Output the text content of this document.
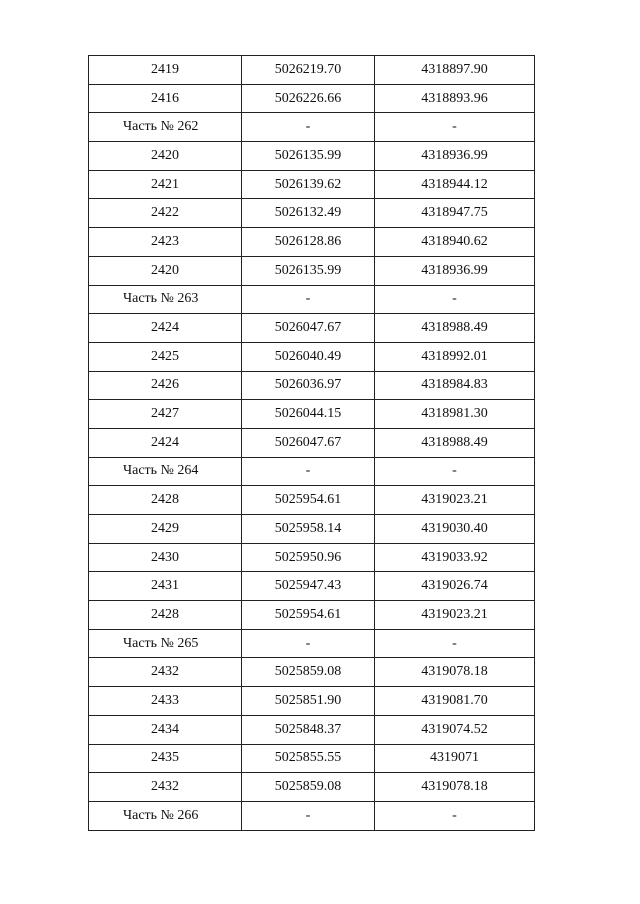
2419	5026219.70	4318897.90
2416	5026226.66	4318893.96
Часть № 262	-	-
2420	5026135.99	4318936.99
2421	5026139.62	4318944.12
2422	5026132.49	4318947.75
2423	5026128.86	4318940.62
2420	5026135.99	4318936.99
Часть № 263	-	-
2424	5026047.67	4318988.49
2425	5026040.49	4318992.01
2426	5026036.97	4318984.83
2427	5026044.15	4318981.30
2424	5026047.67	4318988.49
Часть № 264	-	-
2428	5025954.61	4319023.21
2429	5025958.14	4319030.40
2430	5025950.96	4319033.92
2431	5025947.43	4319026.74
2428	5025954.61	4319023.21
Часть № 265	-	-
2432	5025859.08	4319078.18
2433	5025851.90	4319081.70
2434	5025848.37	4319074.52
2435	5025855.55	4319071
2432	5025859.08	4319078.18
Часть № 266	-	-
